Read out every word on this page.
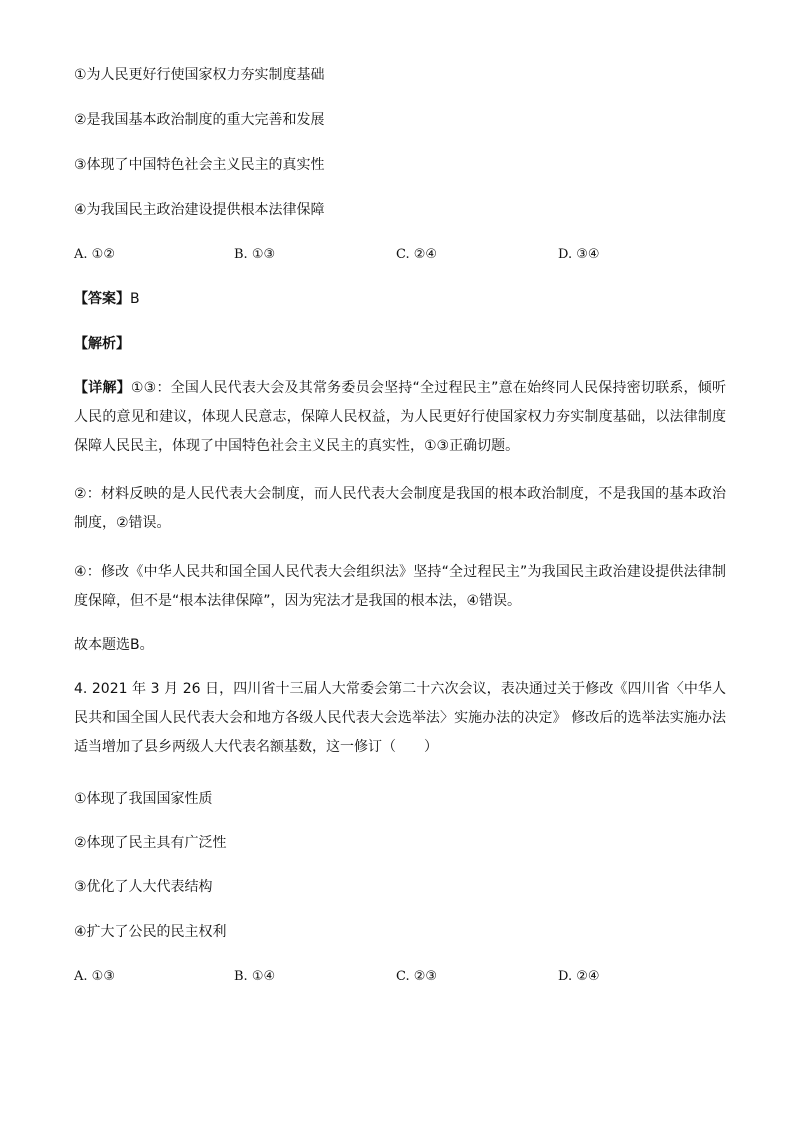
①为人民更好行使国家权力夯实制度基础
②是我国基本政治制度的重大完善和发展
③体现了中国特色社会主义民主的真实性
④为我国民主政治建设提供根本法律保障
A. ①②	B. ①③	C. ②④	D. ③④
【答案】B
【解析】
【详解】①③：全国人民代表大会及其常务委员会坚持“全过程民主”意在始终同人民保持密切联系，倾听人民的意见和建议，体现人民意志，保障人民权益，为人民更好行使国家权力夯实制度基础，以法律制度保障人民民主，体现了中国特色社会主义民主的真实性，①③正确切题。
②：材料反映的是人民代表大会制度，而人民代表大会制度是我国的根本政治制度，不是我国的基本政治制度，②错误。
④：修改《中华人民共和国全国人民代表大会组织法》坚持“全过程民主”为我国民主政治建设提供法律制度保障，但不是“根本法律保障”，因为宪法才是我国的根本法，④错误。
故本题选B。
4. 2021 年 3 月 26 日，四川省十三届人大常委会第二十六次会议，表决通过关于修改《四川省〈中华人民共和国全国人民代表大会和地方各级人民代表大会选举法〉实施办法的决定》 修改后的选举法实施办法适当增加了县乡两级人大代表名额基数，这一修订（　　）
①体现了我国国家性质
②体现了民主具有广泛性
③优化了人大代表结构
④扩大了公民的民主权利
A. ①③	B. ①④	C. ②③	D. ②④
